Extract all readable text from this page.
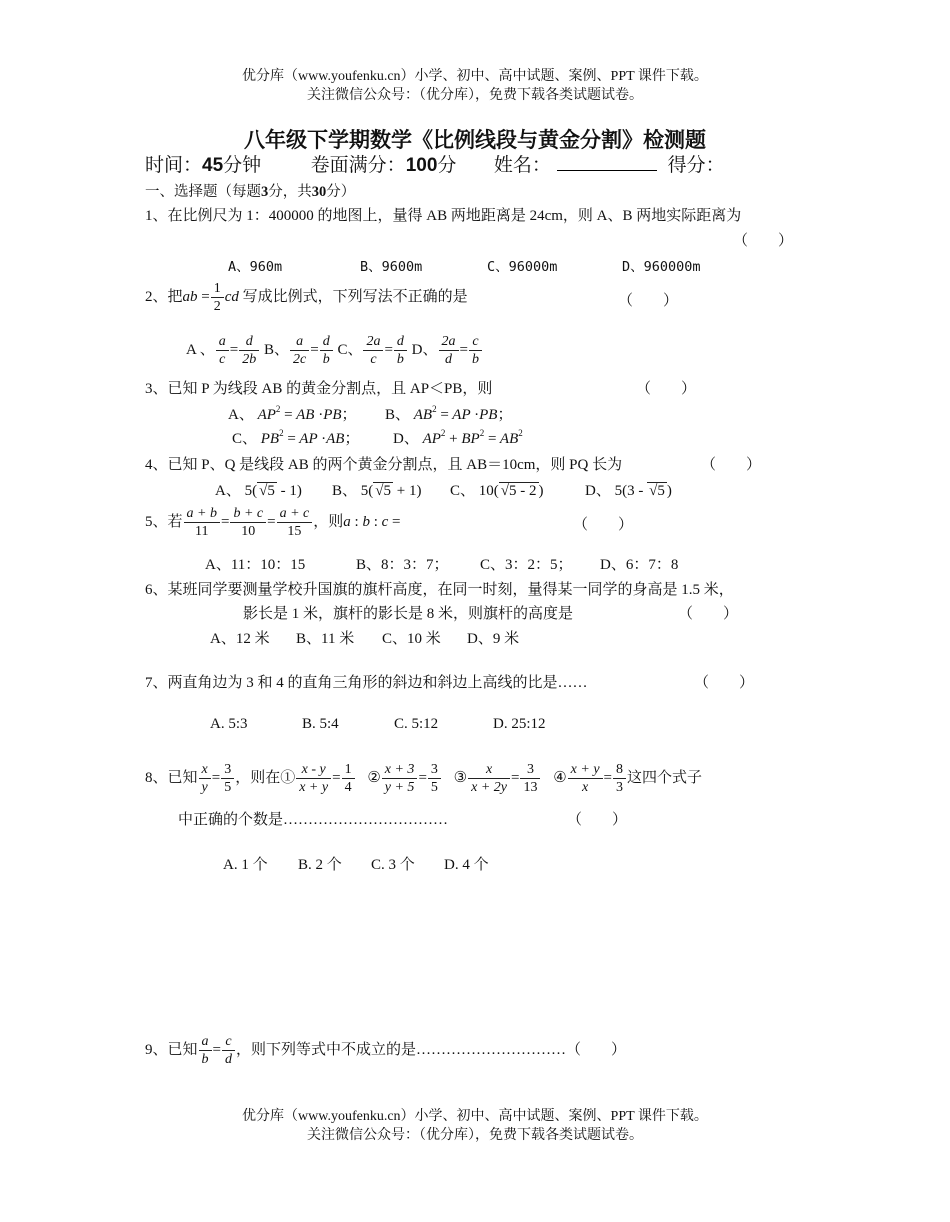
优分库（www.youfenku.cn）小学、初中、高中试题、案例、PPT 课件下载。
关注微信公众号：（优分库），免费下载各类试题试卷。
八年级下学期数学《比例线段与黄金分割》检测题
时间：45分钟	卷面满分：100分 姓名：	得分：
一、选择题（每题3分，共30分）
1、在比例尺为 1：400000 的地图上，量得 AB 两地距离是 24cm，则 A、B 两地实际距离为
（　　）
A、960m	B、9600m	C、96000m	D、960000m
2、把ab = $\frac{1}{2}$ cd 写成比例式，下列写法不正确的是	（　　）
A 、 $\frac{a}{c} = \frac{d}{2b}$ B、 $\frac{a}{2c} = \frac{d}{b}$ C、 $\frac{2a}{c} = \frac{d}{b}$ D、 $\frac{2a}{d} = \frac{c}{b}$
3、已知 P 为线段 AB 的黄金分割点，且 AP＜PB，则	（　　）
A、 $AP^2$ = AB ·PB； B、 $AB^2$ = AP ·PB；
C、 $PB^2$ = AP ·AB； D、 $AP^2 + BP^2 = AB^2$
4、已知 P、Q 是线段 AB 的两个黄金分割点，且 AB＝10cm，则 PQ 长为	（　　）
A、 5( √5 - 1) B、 5( √5 + 1) C、 10( √5 - 2 )	D、 5(3 - √5 )
5、若 $\frac{a + b}{11} = \frac{b + c}{10} = \frac{a + c}{15}$ ，则a : b : c =	（　　）
A、11：10：15	B、8：3：7； C、3：2：5； D、6：7：8
6、某班同学要测量学校升国旗的旗杆高度，在同一时刻，量得某一同学的身高是 1.5 米，
影长是 1 米，旗杆的影长是 8 米，则旗杆的高度是	（　　）
A、12 米 B、11 米 C、10 米 D、9 米
7、两直角边为 3 和 4 的直角三角形的斜边和斜边上高线的比是……	（　　）
A. 5:3	B. 5:4	C. 5:12	D. 25:12
8、已知 $\frac{x}{y} = \frac{3}{5}$ ，则在① $\frac{x - y}{x + y} = \frac{1}{4}$ ② $\frac{x + 3}{y + 5} = \frac{3}{5}$ ③ $\frac{x}{x + 2y} = \frac{3}{13}$ ④ $\frac{x + y}{x} = \frac{8}{3}$ 这四个式子
中正确的个数是……………………………	（　　）
A. 1 个 B. 2 个 C. 3 个 D. 4 个
9、已知 $\frac{a}{b} = \frac{c}{d}$ ，则下列等式中不成立的是…………………………（　　）
优分库（www.youfenku.cn）小学、初中、高中试题、案例、PPT 课件下载。
关注微信公众号：（优分库），免费下载各类试题试卷。
